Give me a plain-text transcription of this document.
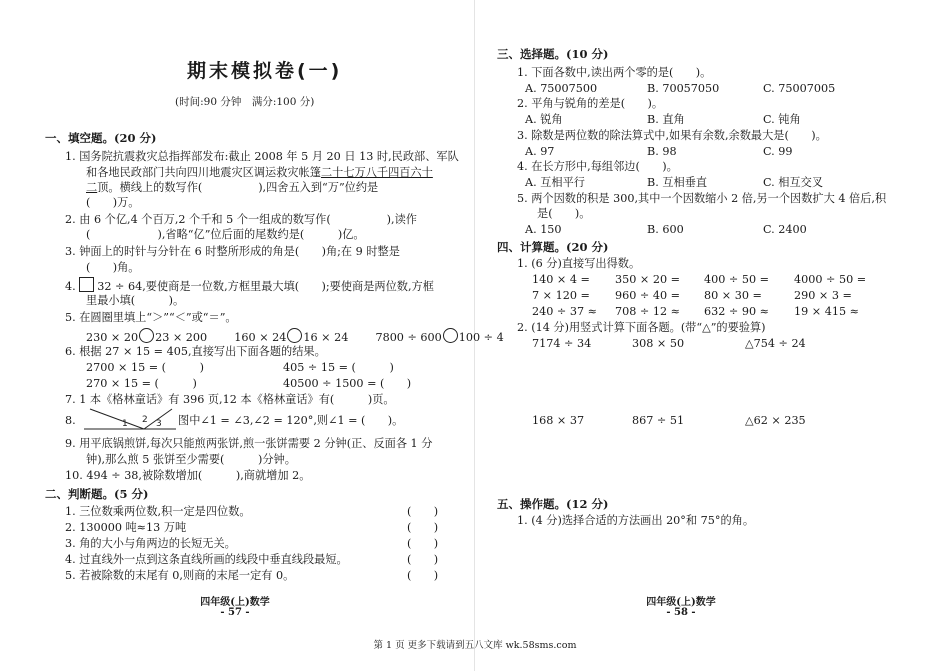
期末模拟卷(一)
(时间:90 分钟　满分:100 分)
一、填空题。(20 分)
1. 国务院抗震救灾总指挥部发布:截止 2008 年 5 月 20 日 13 时,民政部、军队
和各地民政部门共向四川地震灾区调运救灾帐篷二十七万八千四百六十
二顶。横线上的数写作(　　　　　),四舍五入到“万”位约是
(　　)万。
2. 由 6 个亿,4 个百万,2 个千和 5 个一组成的数写作(　　　　　),读作
(　　　　　　),省略“亿”位后面的尾数约是(　　　)亿。
3. 钟面上的时针与分针在 6 时整所形成的角是(　　)角;在 9 时整是
(　　)角。
4. 32 ÷ 64,要使商是一位数,方框里最大填(　　);要使商是两位数,方框
里最小填(　　　)。
5. 在圆圈里填上“＞”“＜”或“＝”。
230 × 20 23 × 200 160 × 24 16 × 24 7800 ÷ 600 100 ÷ 4
6. 根据 27 × 15 = 405,直接写出下面各题的结果。
2700 × 15 = (　　　)	405 ÷ 15 = (　　　)
270 × 15 = (　　　)	40500 ÷ 1500 = (　　)
7. 1 本《格林童话》有 396 页,12 本《格林童话》有(　　　)页。
8.	1 2 3 图中∠1 = ∠3,∠2 = 120°,则∠1 = (　　)。
9. 用平底锅煎饼,每次只能煎两张饼,煎一张饼需要 2 分钟(正、反面各 1 分
钟),那么煎 5 张饼至少需要(　　　)分钟。
10. 494 ÷ 38,被除数增加(　　　),商就增加 2。
二、判断题。(5 分)
1. 三位数乘两位数,积一定是四位数。	(　　)
2. 130000 吨≈13 万吨	(　　)
3. 角的大小与角两边的长短无关。	(　　)
4. 过直线外一点到这条直线所画的线段中垂直线段最短。	(　　)
5. 若被除数的末尾有 0,则商的末尾一定有 0。	(　　)
四年级(上)数学
- 57 -
三、选择题。(10 分)
1. 下面各数中,读出两个零的是(　　)。
A. 75007500	B. 70057050	C. 75007005
2. 平角与锐角的差是(　　)。
A. 锐角	B. 直角	C. 钝角
3. 除数是两位数的除法算式中,如果有余数,余数最大是(　　)。
A. 97	B. 98	C. 99
4. 在长方形中,每组邻边(　　)。
A. 互相平行	B. 互相垂直	C. 相互交叉
5. 两个因数的积是 300,其中一个因数缩小 2 倍,另一个因数扩大 4 倍后,积
是(　　)。
A. 150	B. 600	C. 2400
四、计算题。(20 分)
1. (6 分)直接写出得数。
140 × 4 = 350 × 20 = 400 ÷ 50 = 4000 ÷ 50 =
7 × 120 = 960 ÷ 40 = 80 × 30 =	290 × 3 =
240 ÷ 37 ≈ 708 ÷ 12 ≈ 632 ÷ 90 ≈ 19 × 415 ≈
2. (14 分)用竖式计算下面各题。(带“△”的要验算)
7174 ÷ 34	308 × 50	△754 ÷ 24
168 × 37	867 ÷ 51	△62 × 235
五、操作题。(12 分)
1. (4 分)选择合适的方法画出 20°和 75°的角。
四年级(上)数学
- 58 -
第 1 页 更多下载请到五八文库 wk.58sms.com
